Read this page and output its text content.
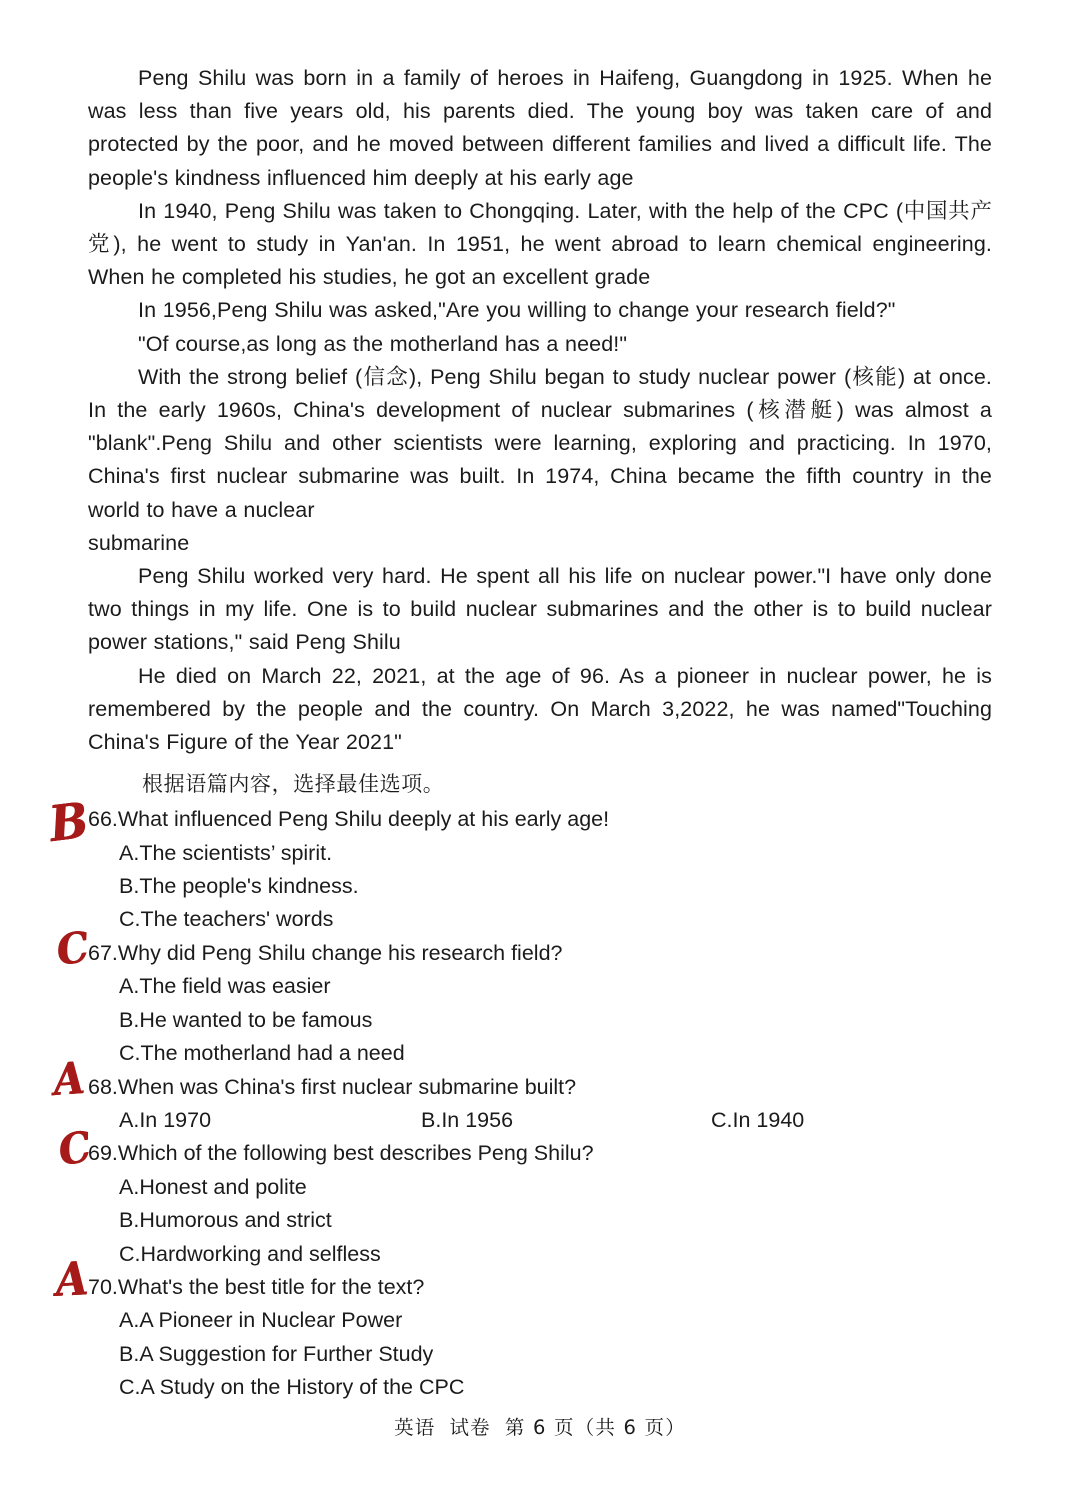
Peng Shilu was born in a family of heroes in Haifeng, Guangdong in 1925. When he was less than five years old, his parents died. The young boy was taken care of and protected by the poor, and he moved between different families and lived a difficult life. The people's kindness influenced him deeply at his early age

In 1940, Peng Shilu was taken to Chongqing. Later, with the help of the CPC (中国共产党), he went to study in Yan'an. In 1951, he went abroad to learn chemical engineering. When he completed his studies, he got an excellent grade

In 1956,Peng Shilu was asked,"Are you willing to change your research field?"

"Of course,as long as the motherland has a need!"

With the strong belief (信念), Peng Shilu began to study nuclear power (核能) at once. In the early 1960s, China's development of nuclear submarines (核潜艇) was almost a "blank".Peng Shilu and other scientists were learning, exploring and practicing. In 1970, China's first nuclear submarine was built. In 1974, China became the fifth country in the world to have a nuclear

submarine

Peng Shilu worked very hard. He spent all his life on nuclear power."I have only done two things in my life. One is to build nuclear submarines and the other is to build nuclear power stations," said Peng Shilu

He died on March 22, 2021, at the age of 96. As a pioneer in nuclear power, he is remembered by the people and the country. On March 3,2022, he was named"Touching China's Figure of the Year 2021"

根据语篇内容，选择最佳选项。
66.What influenced Peng Shilu deeply at his early age!
A.The scientists’ spirit.
B.The people's kindness.
C.The teachers' words
67.Why did Peng Shilu change his research field?
A.The field was easier
B.He wanted to be famous
C.The motherland had a need
68.When was China's first nuclear submarine built?
A.In 1970	B.In 1956	C.In 1940
69.Which of the following best describes Peng Shilu?
A.Honest and polite
B.Humorous and strict
C.Hardworking and selfless
70.What's the best title for the text?
A.A Pioneer in Nuclear Power
B.A Suggestion for Further Study
C.A Study on the History of the CPC
B
C
A
C
A
英语 试卷 第 6 页（共 6 页）
